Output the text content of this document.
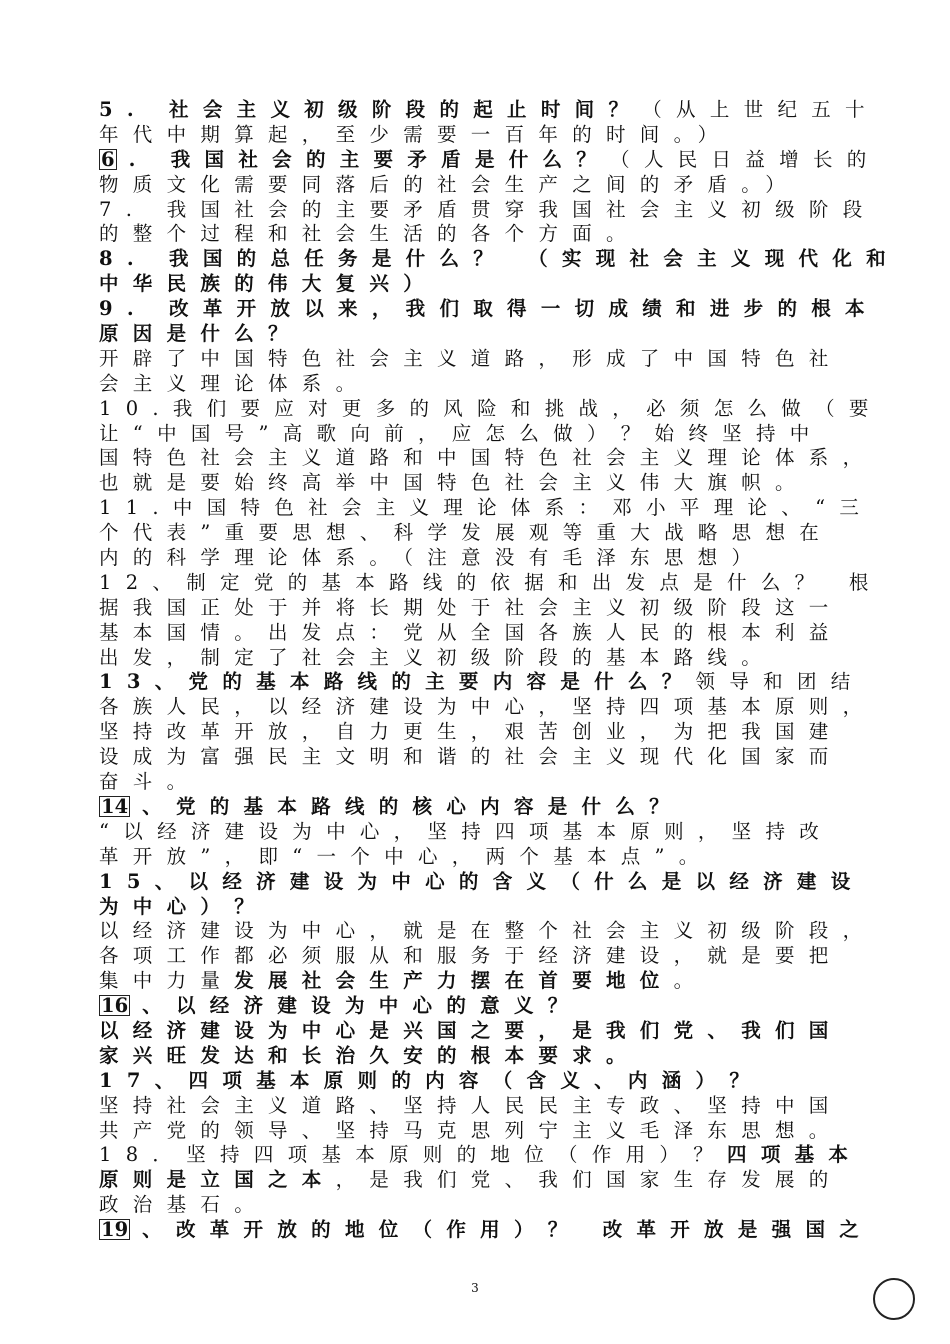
5. 社会主义初级阶段的起止时间？（从上世纪五十
年代中期算起，至少需要一百年的时间。）
6 . 我国社会的主要矛盾是什么？（人民日益增长的
物质文化需要同落后的社会生产之间的矛盾。）
7. 我国社会的主要矛盾贯穿我国社会主义初级阶段
的整个过程和社会生活的各个方面。
8. 我国的总任务是什么？ （实现社会主义现代化和
中华民族的伟大复兴）
9. 改革开放以来，我们取得一切成绩和进步的根本
原因是什么？
开辟了中国特色社会主义道路，形成了中国特色社
会主义理论体系。
10.我们要应对更多的风险和挑战，必须怎么做（要
让“中国号”高歌向前，应怎么做）？始终坚持中
国特色社会主义道路和中国特色社会主义理论体系，
也就是要始终高举中国特色社会主义伟大旗帜。
11.中国特色社会主义理论体系：邓小平理论、“三
个代表”重要思想、科学发展观等重大战略思想在
内的科学理论体系。（注意没有毛泽东思想）
12、制定党的基本路线的依据和出发点是什么？ 根
据我国正处于并将长期处于社会主义初级阶段这一
基本国情。出发点：党从全国各族人民的根本利益
出发，制定了社会主义初级阶段的基本路线。
13、党的基本路线的主要内容是什么？领导和团结
各族人民，以经济建设为中心，坚持四项基本原则，
坚持改革开放，自力更生，艰苦创业，为把我国建
设成为富强民主文明和谐的社会主义现代化国家而
奋斗。
14 、党的基本路线的核心内容是什么？
“以经济建设为中心，坚持四项基本原则，坚持改
革开放”，即“一个中心，两个基本点”。
15、以经济建设为中心的含义（什么是以经济建设
为中心）？
以经济建设为中心，就是在整个社会主义初级阶段，
各项工作都必须服从和服务于经济建设，就是要把
集中力量发展社会生产力摆在首要地位。
16 、以经济建设为中心的意义？
以经济建设为中心是兴国之要，是我们党、我们国
家兴旺发达和长治久安的根本要求。
17、四项基本原则的内容（含义、内涵）？
坚持社会主义道路、坚持人民民主专政、坚持中国
共产党的领导、坚持马克思列宁主义毛泽东思想。
18．坚持四项基本原则的地位（作用）？四项基本
原则是立国之本，是我们党、我们国家生存发展的
政治基石。
19 、改革开放的地位（作用）？ 改革开放是强国之
3
